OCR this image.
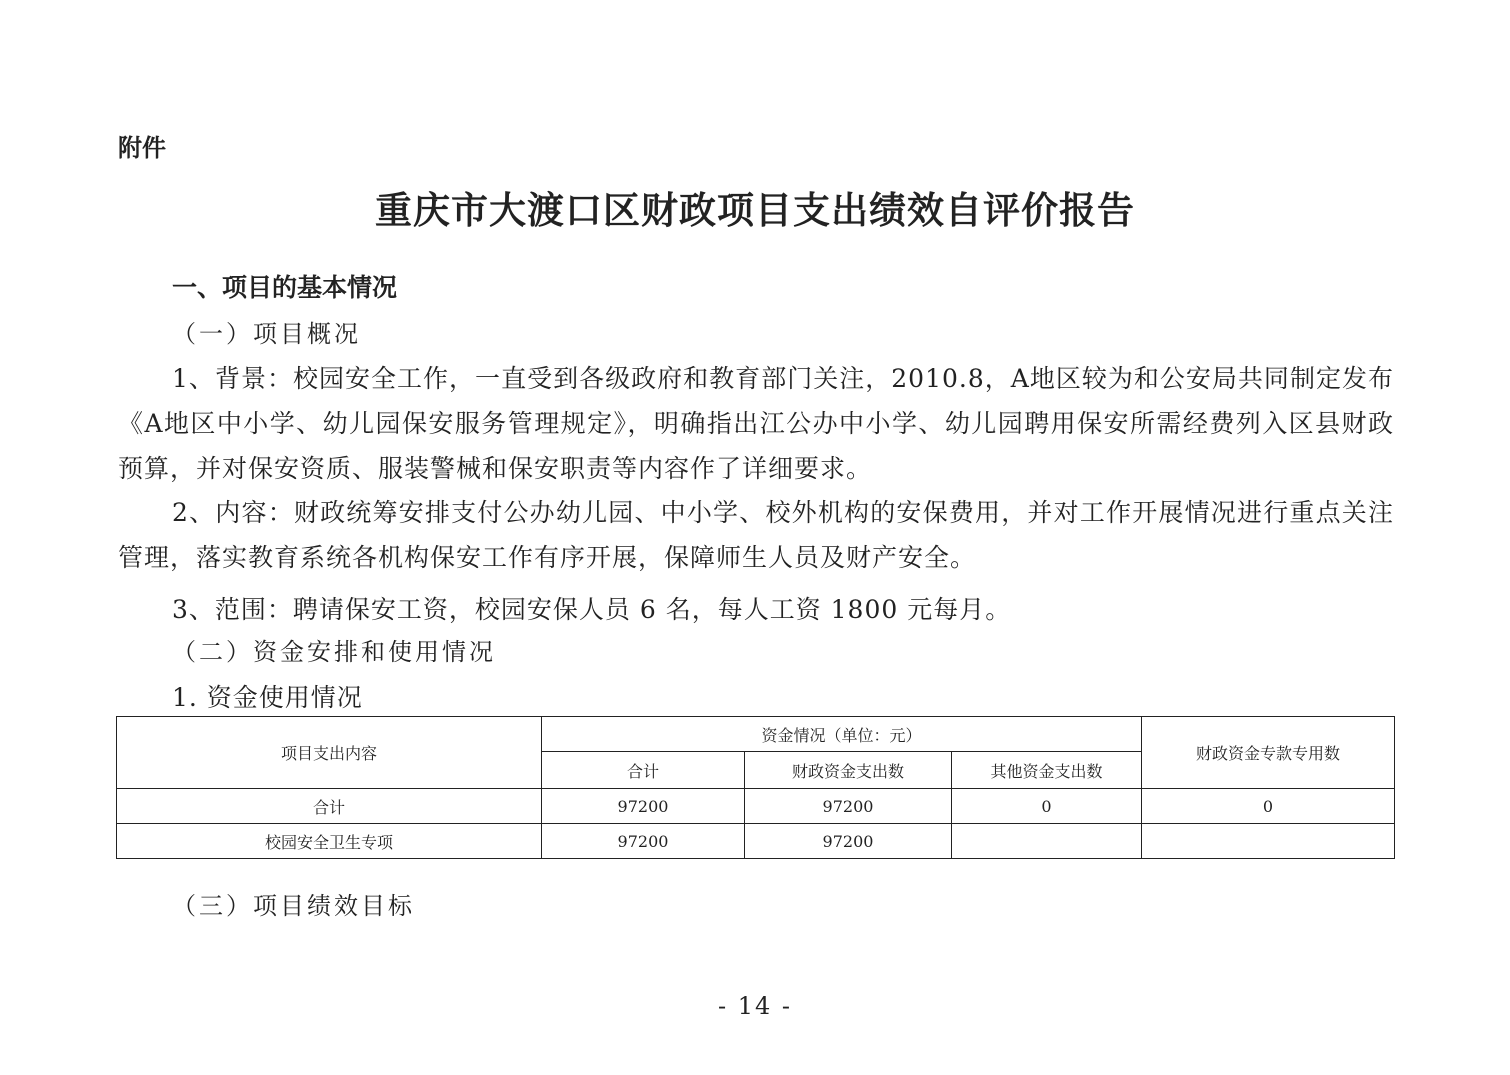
附件
重庆市大渡口区财政项目支出绩效自评价报告
一、项目的基本情况
（一）项目概况

1、背景：校园安全工作，一直受到各级政府和教育部门关注，2010.8，A地区较为和公安局共同制定发布《A地区中小学、幼儿园保安服务管理规定》，明确指出江公办中小学、幼儿园聘用保安所需经费列入区县财政预算，并对保安资质、服装警械和保安职责等内容作了详细要求。

2、内容：财政统筹安排支付公办幼儿园、中小学、校外机构的安保费用，并对工作开展情况进行重点关注管理，落实教育系统各机构保安工作有序开展，保障师生人员及财产安全。

3、范围：聘请保安工资，校园安保人员 6 名，每人工资 1800 元每月。
（二）资金安排和使用情况
1. 资金使用情况
项目支出内容	资金情况（单位：元）			财政资金专款专用数
	合计	财政资金支出数	其他资金支出数	
合计	97200	97200	0	0
校园安全卫生专项	97200	97200		
（三）项目绩效目标
- 14 -
